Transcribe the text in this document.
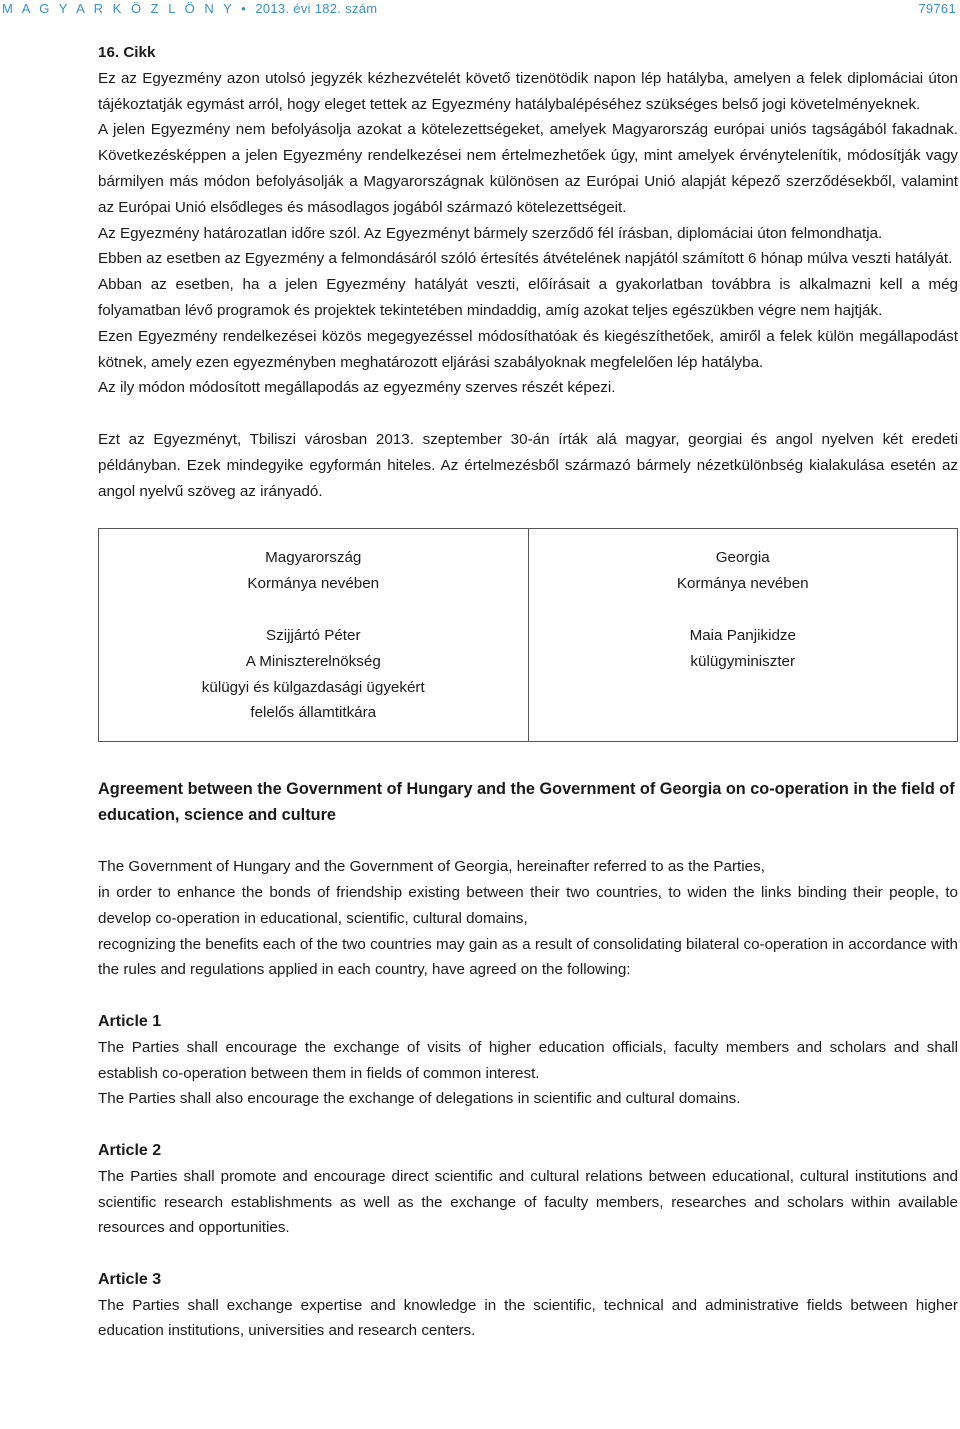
M A G Y A R K Ö Z L Ö N Y • 2013. évi 182. szám	79761

16. Cikk

Ez az Egyezmény azon utolsó jegyzék kézhezvételét követő tizenötödik napon lép hatályba, amelyen a felek diplomáciai úton tájékoztatják egymást arról, hogy eleget tettek az Egyezmény hatálybalépéséhez szükséges belső jogi követelményeknek.

A jelen Egyezmény nem befolyásolja azokat a kötelezettségeket, amelyek Magyarország európai uniós tagságából fakadnak. Következésképpen a jelen Egyezmény rendelkezései nem értelmezhetőek úgy, mint amelyek érvénytelenítik, módosítják vagy bármilyen más módon befolyásolják a Magyarországnak különösen az Európai Unió alapját képező szerződésekből, valamint az Európai Unió elsődleges és másodlagos jogából származó kötelezettségeit.

Az Egyezmény határozatlan időre szól. Az Egyezményt bármely szerződő fél írásban, diplomáciai úton felmondhatja.

Ebben az esetben az Egyezmény a felmondásáról szóló értesítés átvételének napjától számított 6 hónap múlva veszti hatályát.

Abban az esetben, ha a jelen Egyezmény hatályát veszti, előírásait a gyakorlatban továbbra is alkalmazni kell a még folyamatban lévő programok és projektek tekintetében mindaddig, amíg azokat teljes egészükben végre nem hajtják.

Ezen Egyezmény rendelkezései közös megegyezéssel módosíthatóak és kiegészíthetőek, amiről a felek külön megállapodást kötnek, amely ezen egyezményben meghatározott eljárási szabályoknak megfelelően lép hatályba.

Az ily módon módosított megállapodás az egyezmény szerves részét képezi.

Ezt az Egyezményt, Tbiliszi városban 2013. szeptember 30-án írták alá magyar, georgiai és angol nyelven két eredeti példányban. Ezek mindegyike egyformán hiteles. Az értelmezésből származó bármely nézetkülönbség kialakulása esetén az angol nyelvű szöveg az irányadó.

Magyarország
Kormánya nevében
Szijjártó Péter
A Miniszterelnökség
külügyi és külgazdasági ügyekért
felelős államtitkára

Georgia
Kormánya nevében
Maia Panjikidze
külügyminiszter

Agreement between the Government of Hungary and the Government of Georgia on co-operation in the field of education, science and culture

The Government of Hungary and the Government of Georgia, hereinafter referred to as the Parties,

in order to enhance the bonds of friendship existing between their two countries, to widen the links binding their people, to develop co-operation in educational, scientific, cultural domains,

recognizing the benefits each of the two countries may gain as a result of consolidating bilateral co-operation in accordance with the rules and regulations applied in each country, have agreed on the following:

Article 1

The Parties shall encourage the exchange of visits of higher education officials, faculty members and scholars and shall establish co-operation between them in fields of common interest.

The Parties shall also encourage the exchange of delegations in scientific and cultural domains.

Article 2

The Parties shall promote and encourage direct scientific and cultural relations between educational, cultural institutions and scientific research establishments as well as the exchange of faculty members, researches and scholars within available resources and opportunities.

Article 3

The Parties shall exchange expertise and knowledge in the scientific, technical and administrative fields between higher education institutions, universities and research centers.
